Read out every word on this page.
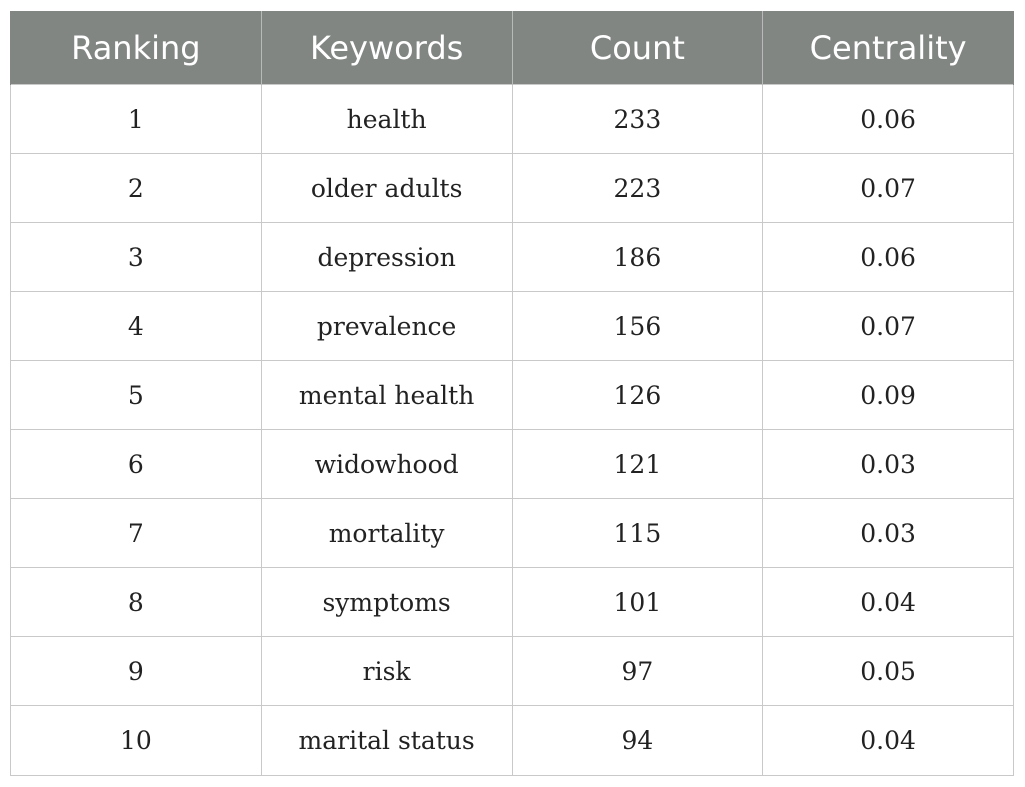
Ranking	Keywords	Count	Centrality
1	health	233	0.06
2	older adults	223	0.07
3	depression	186	0.06
4	prevalence	156	0.07
5	mental health	126	0.09
6	widowhood	121	0.03
7	mortality	115	0.03
8	symptoms	101	0.04
9	risk	97	0.05
10	marital status	94	0.04
